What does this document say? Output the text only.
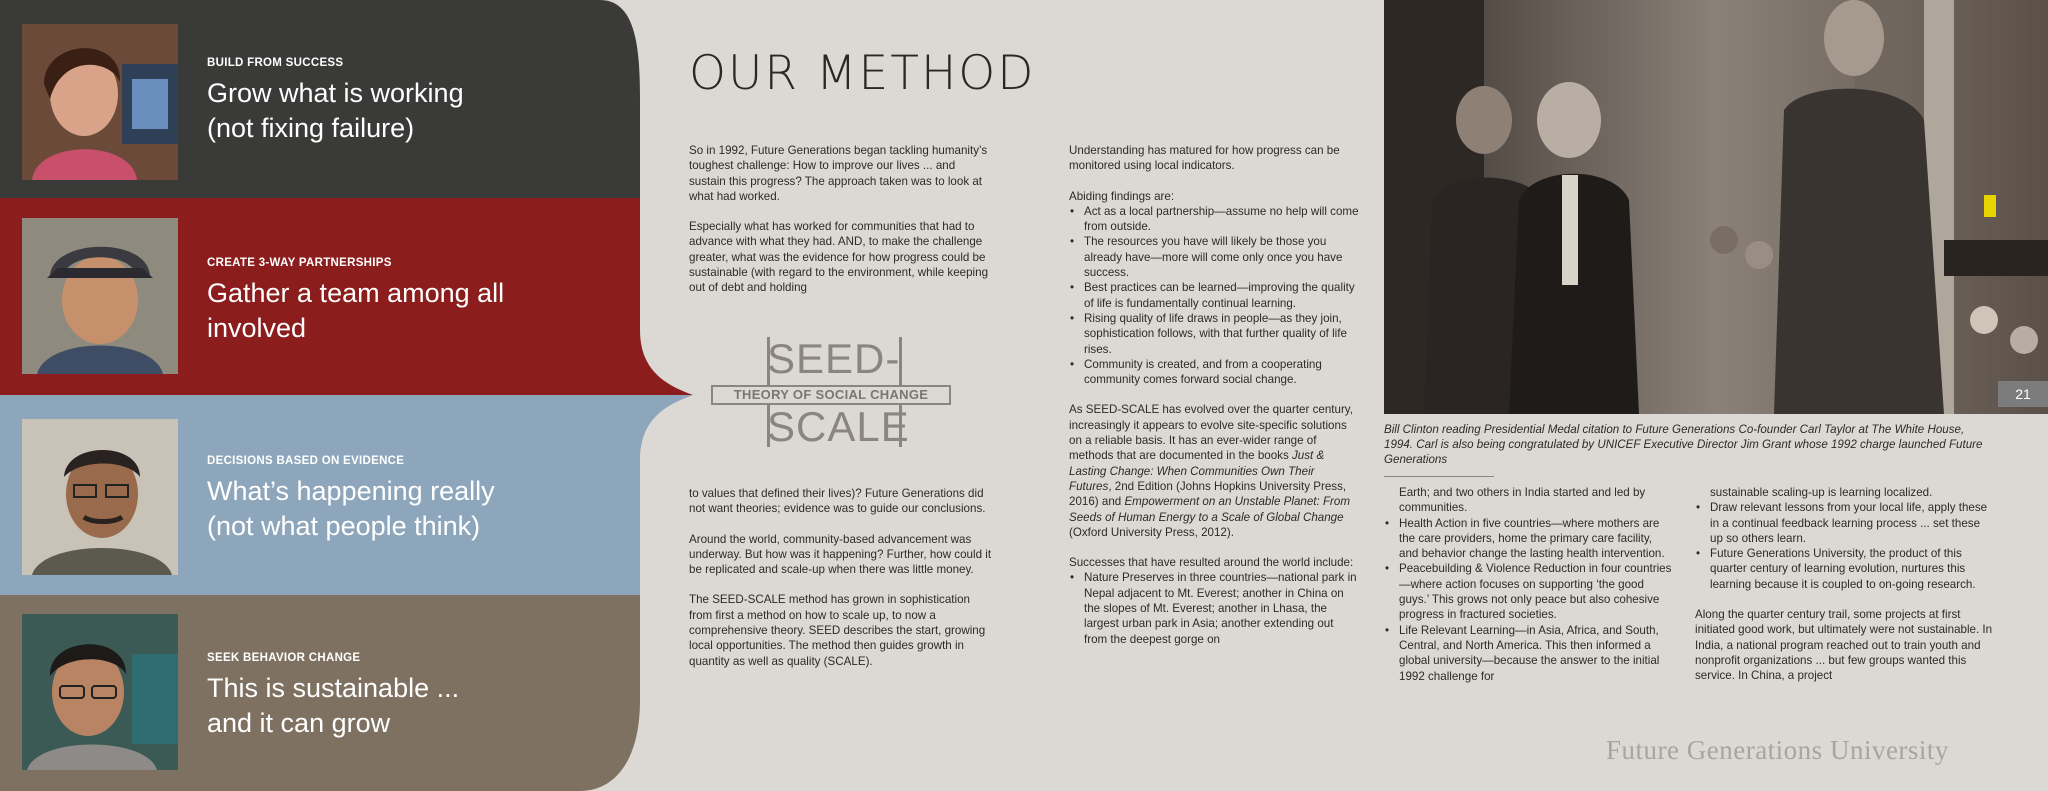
BUILD FROM SUCCESS
Grow what is working
(not fixing failure)
CREATE 3-WAY PARTNERSHIPS
Gather a team among all
involved
DECISIONS BASED ON EVIDENCE
What’s happening really
(not what people think)
SEEK BEHAVIOR CHANGE
This is sustainable ...
and it can grow
OUR METHOD

So in 1992, Future Generations began tackling humanity’s toughest challenge: How to improve our lives ... and sustain this progress? The approach taken was to look at what had worked.

Especially what has worked for communities that had to advance with what they had. AND, to make the challenge greater, what was the evidence for how progress could be sustainable (with regard to the environment, while keeping out of debt and holding

SEED-
THEORY OF SOCIAL CHANGE
SCALE

to values that defined their lives)? Future Generations did not want theories; evidence was to guide our conclusions.

Around the world, community-based advancement was underway. But how was it happening? Further, how could it be replicated and scale-up when there was little money.

The SEED-SCALE method has grown in sophistication from first a method on how to scale up, to now a comprehensive theory. SEED describes the start, growing local opportunities. The method then guides growth in quantity as well as quality (SCALE).

Understanding has matured for how progress can be monitored using local indicators.

Abiding findings are:
• Act as a local partnership—assume no help will come from outside.
• The resources you have will likely be those you already have—more will come only once you have success.
• Best practices can be learned—improving the quality of life is fundamentally continual learning.
• Rising quality of life draws in people—as they join, sophistication follows, with that further quality of life rises.
• Community is created, and from a cooperating community comes forward social change.

As SEED-SCALE has evolved over the quarter century, increasingly it appears to evolve site-specific solutions on a reliable basis. It has an ever-wider range of methods that are documented in the books Just & Lasting Change: When Communities Own Their Futures, 2nd Edition (Johns Hopkins University Press, 2016) and Empowerment on an Unstable Planet: From Seeds of Human Energy to a Scale of Global Change (Oxford University Press, 2012).

Successes that have resulted around the world include:
• Nature Preserves in three countries—national park in Nepal adjacent to Mt. Everest; another in China on the slopes of Mt. Everest; another in Lhasa, the largest urban park in Asia; another extending out from the deepest gorge on
21
Bill Clinton reading Presidential Medal citation to Future Generations Co-founder Carl Taylor at The White House, 1994. Carl is also being congratulated by UNICEF Executive Director Jim Grant whose 1992 charge launched Future Generations
Earth; and two others in India started and led by communities.
• Health Action in five countries—where mothers are the care providers, home the primary care facility, and behavior change the lasting health intervention.
• Peacebuilding & Violence Reduction in four countries—where action focuses on supporting ‘the good guys.’ This grows not only peace but also cohesive progress in fractured societies.
• Life Relevant Learning—in Asia, Africa, and South, Central, and North America. This then informed a global university—because the answer to the initial 1992 challenge for
sustainable scaling-up is learning localized.
• Draw relevant lessons from your local life, apply these in a continual feedback learning process ... set these up so others learn.
• Future Generations University, the product of this quarter century of learning evolution, nurtures this learning because it is coupled to on-going research.

Along the quarter century trail, some projects at first initiated good work, but ultimately were not sustainable. In India, a national program reached out to train youth and nonprofit organizations ... but few groups wanted this service. In China, a project

Future Generations University
